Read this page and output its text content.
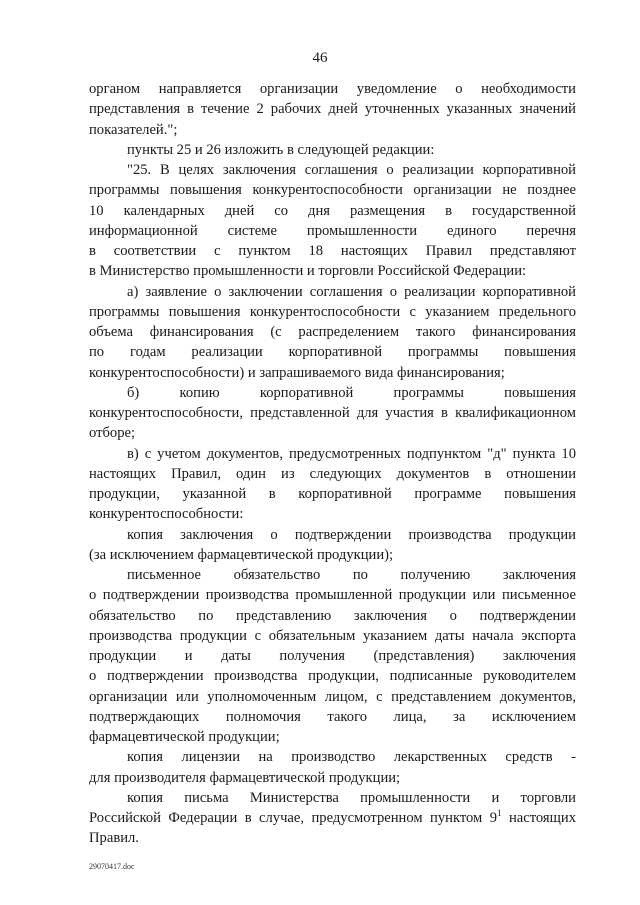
46
органом направляется организации уведомление о необходимости
представления в течение 2 рабочих дней уточненных указанных значений
показателей.";
пункты 25 и 26 изложить в следующей редакции:
"25. В целях заключения соглашения о реализации корпоративной
программы повышения конкурентоспособности организации не позднее
10 календарных дней со дня размещения в государственной
информационной системе промышленности единого перечня
в соответствии с пунктом 18 настоящих Правил представляют
в Министерство промышленности и торговли Российской Федерации:
а) заявление о заключении соглашения о реализации корпоративной
программы повышения конкурентоспособности с указанием предельного
объема финансирования (с распределением такого финансирования
по годам реализации корпоративной программы повышения
конкурентоспособности) и запрашиваемого вида финансирования;
б) копию корпоративной программы повышения
конкурентоспособности, представленной для участия в квалификационном
отборе;
в) с учетом документов, предусмотренных подпунктом "д" пункта 10
настоящих Правил, один из следующих документов в отношении
продукции, указанной в корпоративной программе повышения
конкурентоспособности:
копия заключения о подтверждении производства продукции
(за исключением фармацевтической продукции);
письменное обязательство по получению заключения
о подтверждении производства промышленной продукции или письменное
обязательство по представлению заключения о подтверждении
производства продукции с обязательным указанием даты начала экспорта
продукции и даты получения (представления) заключения
о подтверждении производства продукции, подписанные руководителем
организации или уполномоченным лицом, с представлением документов,
подтверждающих полномочия такого лица, за исключением
фармацевтической продукции;
копия лицензии на производство лекарственных средств -
для производителя фармацевтической продукции;
копия письма Министерства промышленности и торговли
Российской Федерации в случае, предусмотренном пунктом $9^1$ настоящих
Правил.
29070417.doc
